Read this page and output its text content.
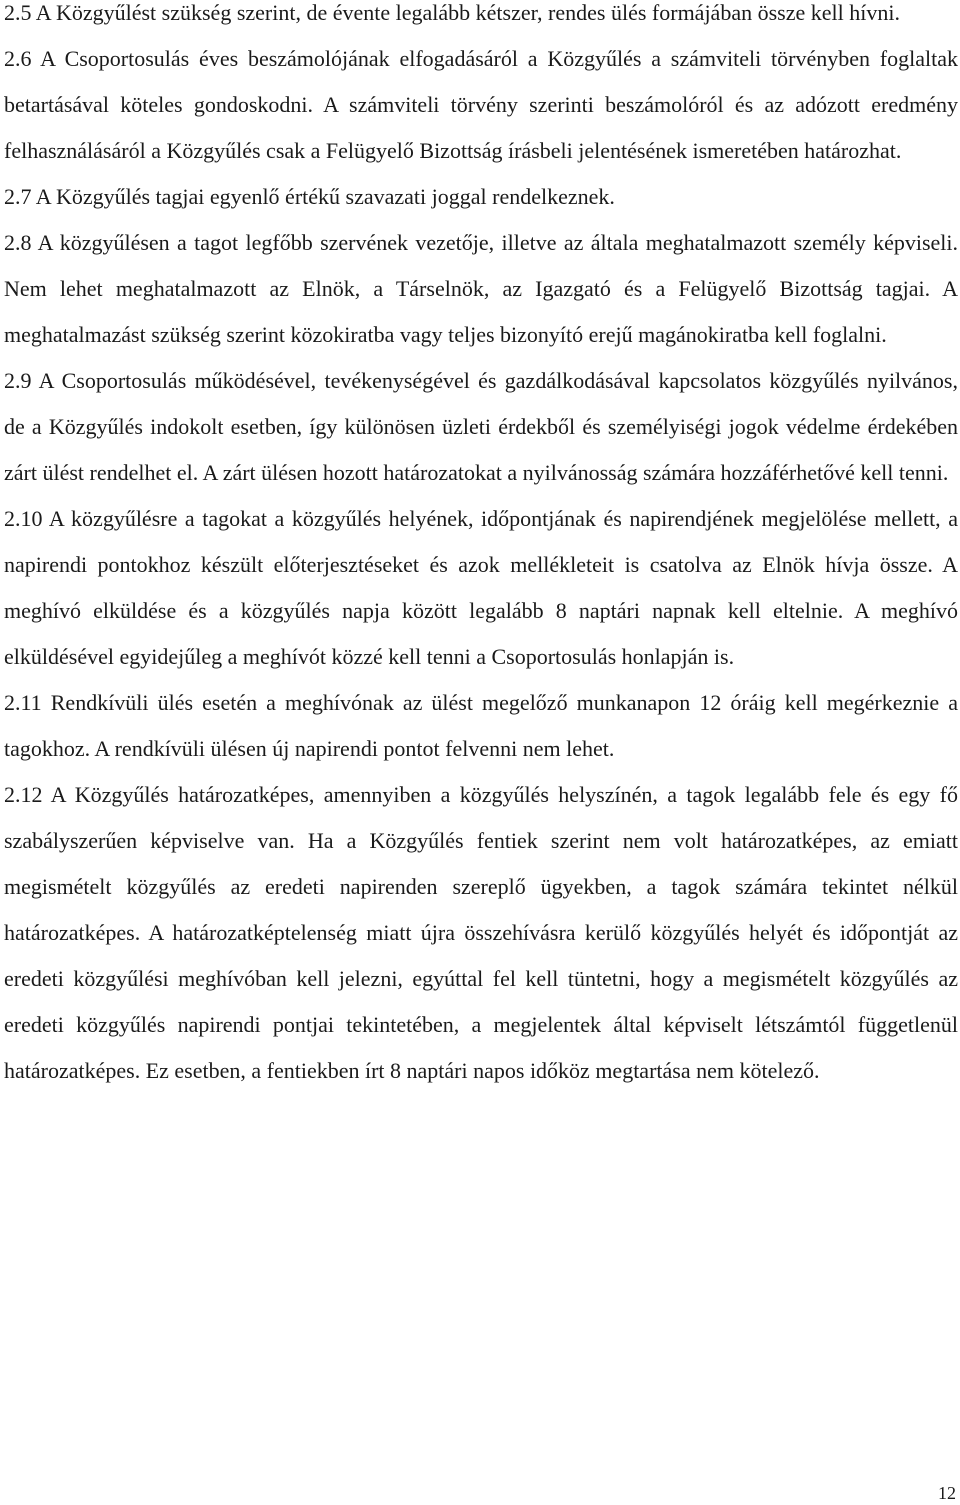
2.5 A Közgyűlést szükség szerint, de évente legalább kétszer, rendes ülés formájában össze kell hívni.

2.6 A Csoportosulás éves beszámolójának elfogadásáról a Közgyűlés a számviteli törvényben foglaltak betartásával köteles gondoskodni. A számviteli törvény szerinti beszámolóról és az adózott eredmény felhasználásáról a Közgyűlés csak a Felügyelő Bizottság írásbeli jelentésének ismeretében határozhat.

2.7 A Közgyűlés tagjai egyenlő értékű szavazati joggal rendelkeznek.

2.8 A közgyűlésen a tagot legfőbb szervének vezetője, illetve az általa meghatalmazott személy képviseli. Nem lehet meghatalmazott az Elnök, a Társelnök, az Igazgató és a Felügyelő Bizottság tagjai. A meghatalmazást szükség szerint közokiratba vagy teljes bizonyító erejű magánokiratba kell foglalni.

2.9 A Csoportosulás működésével, tevékenységével és gazdálkodásával kapcsolatos közgyűlés nyilvános, de a Közgyűlés indokolt esetben, így különösen üzleti érdekből és személyiségi jogok védelme érdekében zárt ülést rendelhet el. A zárt ülésen hozott határozatokat a nyilvánosság számára hozzáférhetővé kell tenni.

2.10 A közgyűlésre a tagokat a közgyűlés helyének, időpontjának és napirendjének megjelölése mellett, a napirendi pontokhoz készült előterjesztéseket és azok mellékleteit is csatolva az Elnök hívja össze. A meghívó elküldése és a közgyűlés napja között legalább 8 naptári napnak kell eltelnie. A meghívó elküldésével egyidejűleg a meghívót közzé kell tenni a Csoportosulás honlapján is.

2.11 Rendkívüli ülés esetén a meghívónak az ülést megelőző munkanapon 12 óráig kell megérkeznie a tagokhoz. A rendkívüli ülésen új napirendi pontot felvenni nem lehet.

2.12 A Közgyűlés határozatképes, amennyiben a közgyűlés helyszínén, a tagok legalább fele és egy fő szabályszerűen képviselve van. Ha a Közgyűlés fentiek szerint nem volt határozatképes, az emiatt megismételt közgyűlés az eredeti napirenden szereplő ügyekben, a tagok számára tekintet nélkül határozatképes. A határozatképtelenség miatt újra összehívásra kerülő közgyűlés helyét és időpontját az eredeti közgyűlési meghívóban kell jelezni, egyúttal fel kell tüntetni, hogy a megismételt közgyűlés az eredeti közgyűlés napirendi pontjai tekintetében, a megjelentek által képviselt létszámtól függetlenül határozatképes. Ez esetben, a fentiekben írt 8 naptári napos időköz megtartása nem kötelező.

12
